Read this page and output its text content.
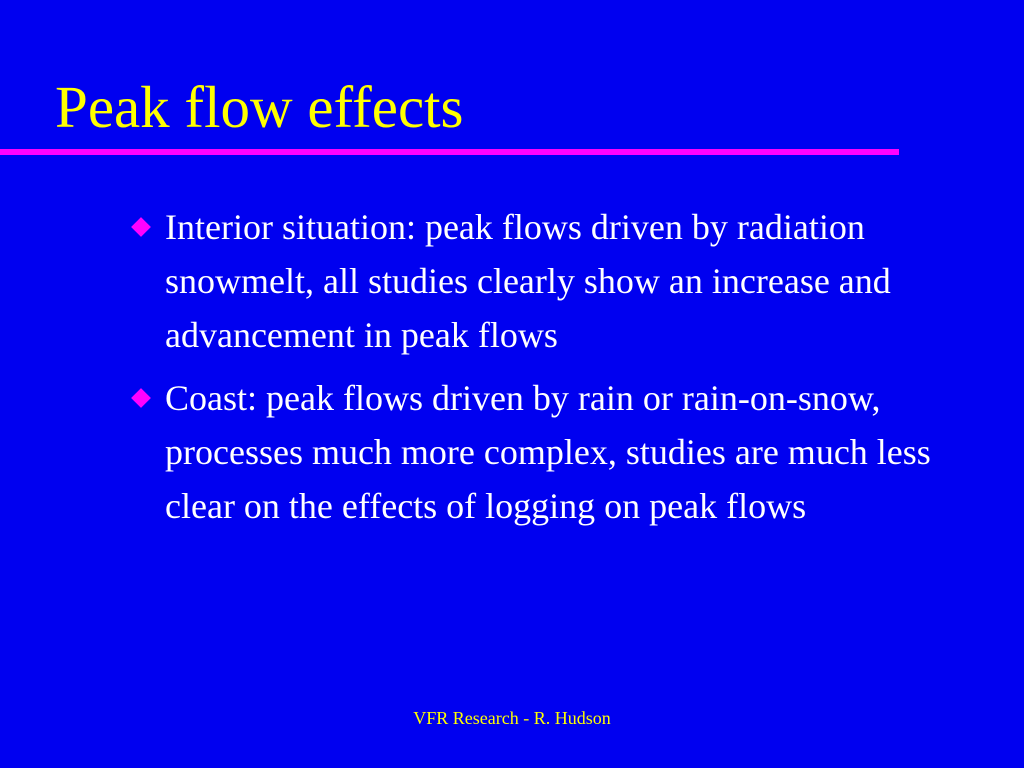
Peak flow effects
Interior situation: peak flows driven by radiation snowmelt, all studies clearly show an increase and advancement in peak flows
Coast: peak flows driven by rain or rain-on-snow, processes much more complex, studies are much less clear on the effects of logging on peak flows
VFR Research - R. Hudson
